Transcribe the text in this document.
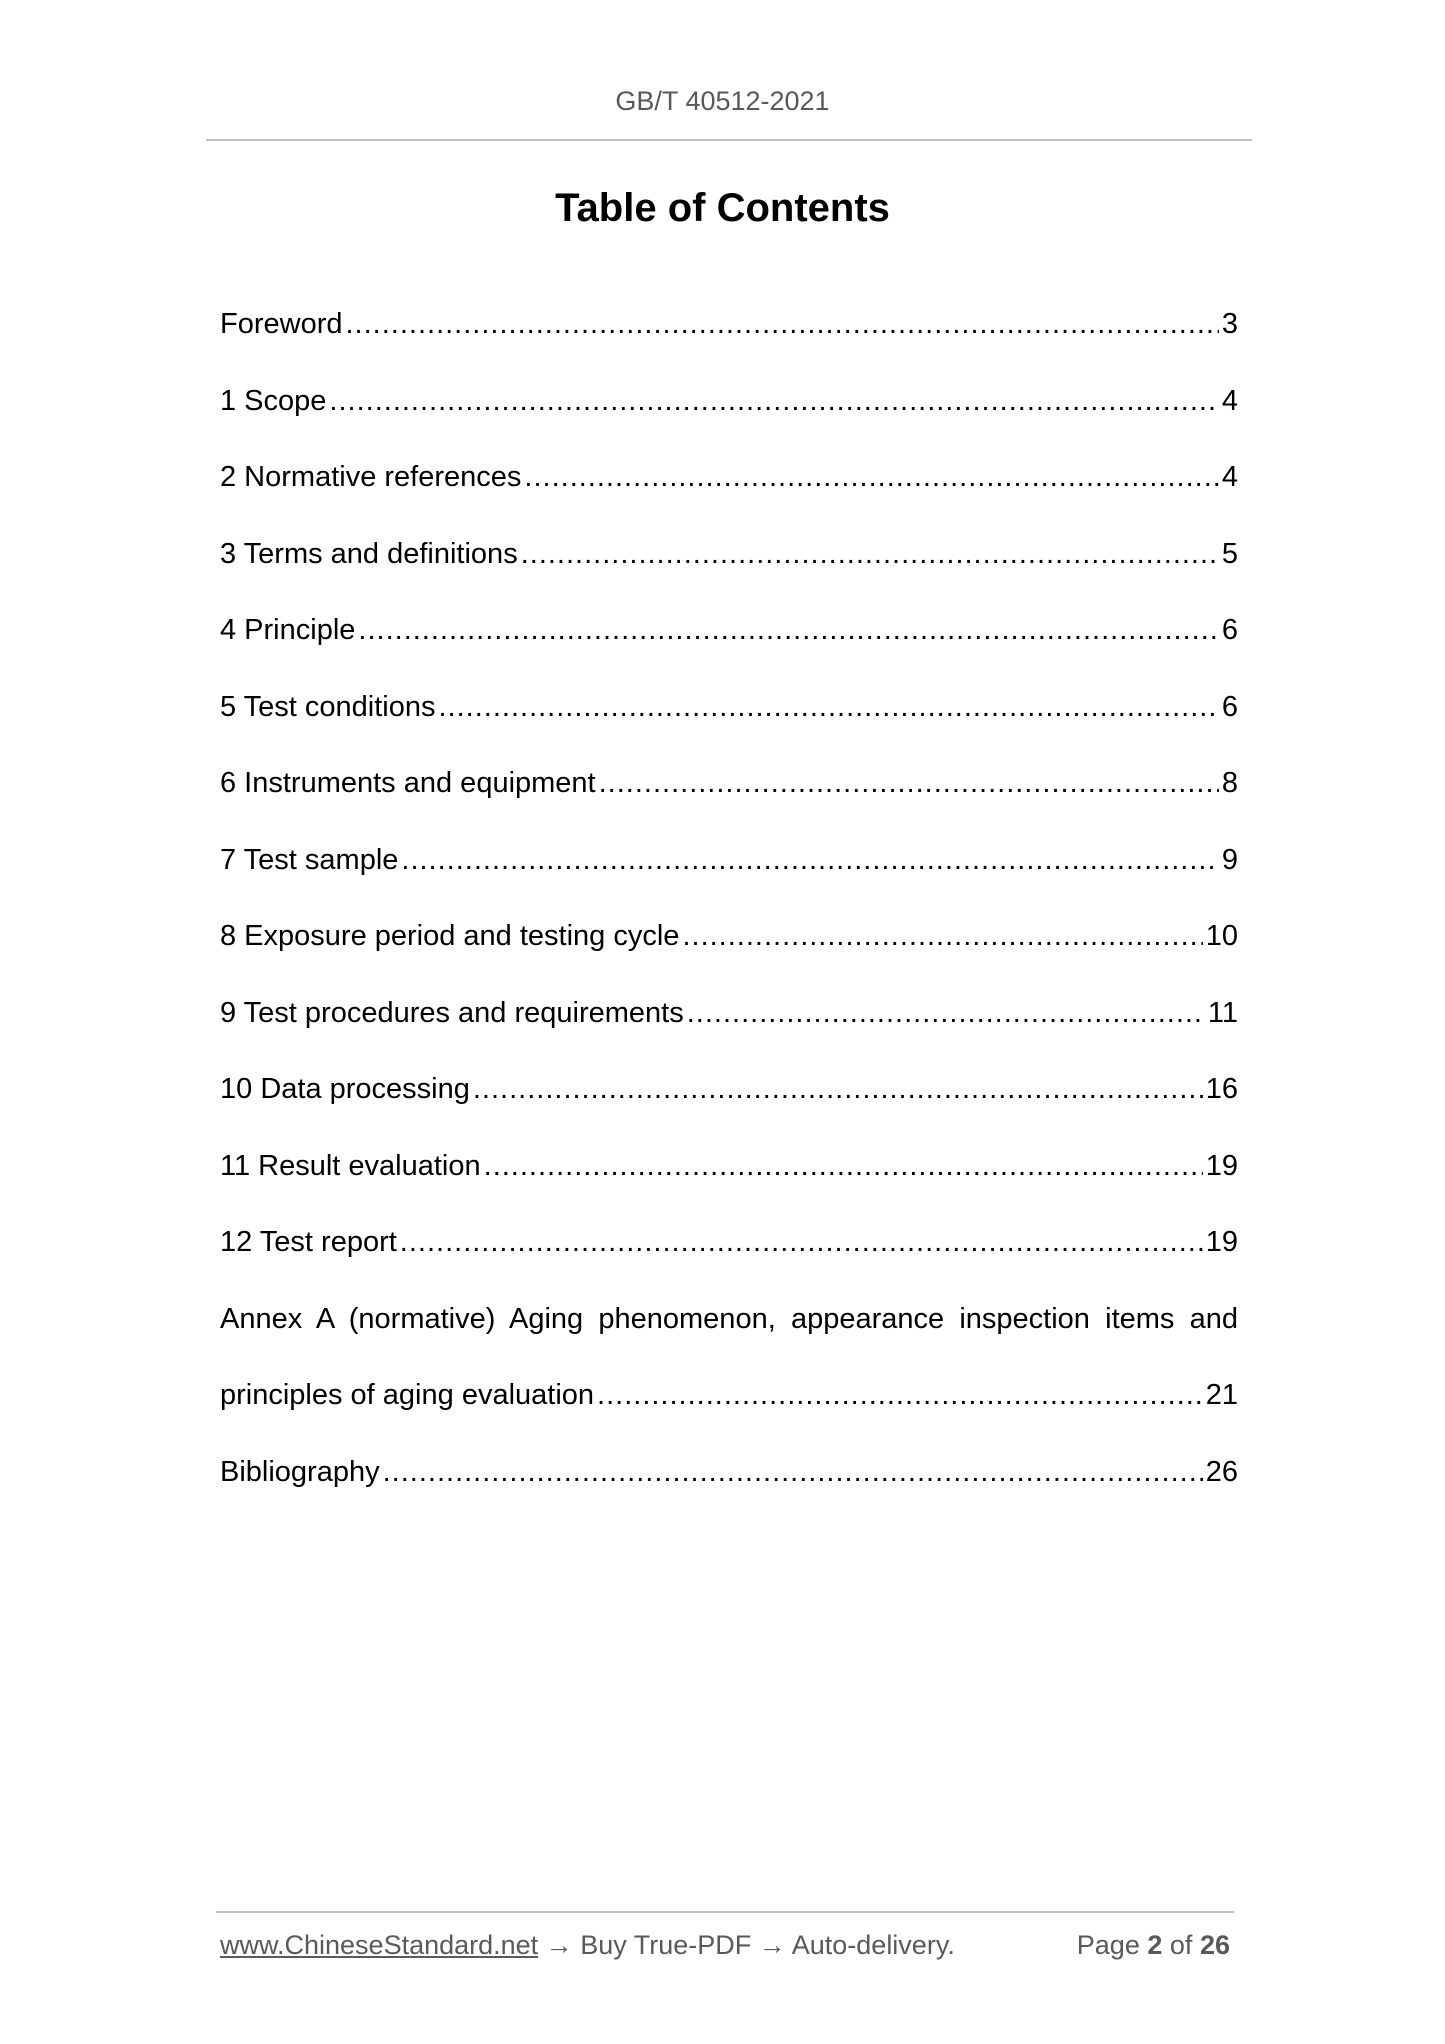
GB/T 40512-2021
Table of Contents
Foreword .....	3
1 Scope .....	4
2 Normative references .....	4
3 Terms and definitions .....	5
4 Principle .....	6
5 Test conditions .....	6
6 Instruments and equipment .....	8
7 Test sample .....	9
8 Exposure period and testing cycle .....	10
9 Test procedures and requirements .....	11
10 Data processing .....	16
11 Result evaluation .....	19
12 Test report .....	19
Annex A (normative) Aging phenomenon, appearance inspection items and
principles of aging evaluation .....	21
Bibliography .....	26
www.ChineseStandard.net → Buy True-PDF → Auto-delivery.	Page 2 of 26
